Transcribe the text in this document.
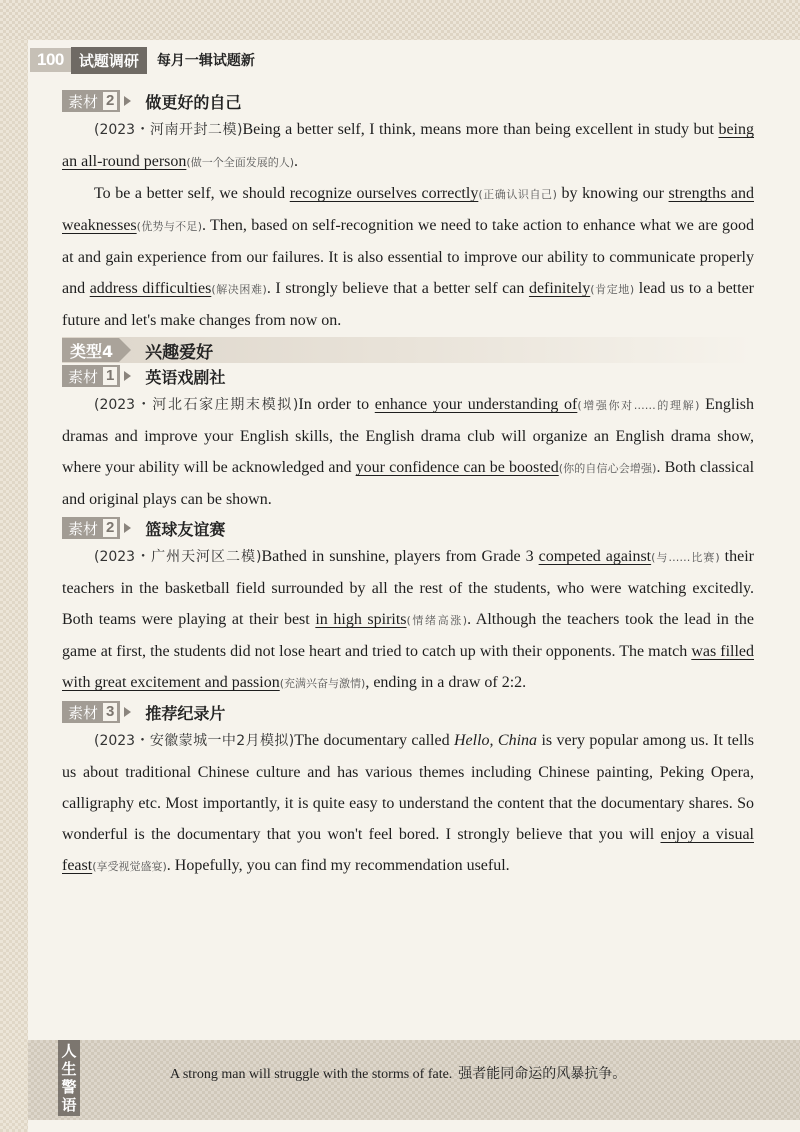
100	试题调研	每月一辑试题新
素材 2 做更好的自己

(2023・河南开封二模)Being a better self, I think, means more than being excellent in study but being an all-round person(做一个全面发展的人).

To be a better self, we should recognize ourselves correctly(正确认识自己) by knowing our strengths and weaknesses(优势与不足). Then, based on self-recognition we need to take action to enhance what we are good at and gain experience from our failures. It is also essential to improve our ability to communicate properly and address difficulties(解决困难). I strongly believe that a better self can definitely(肯定地) lead us to a better future and let's make changes from now on.

类型4	兴趣爱好
素材 1 英语戏剧社

(2023・河北石家庄期末模拟)In order to enhance your understanding of(增强你对……的理解) English dramas and improve your English skills, the English drama club will organize an English drama show, where your ability will be acknowledged and your confidence can be boosted(你的自信心会增强). Both classical and original plays can be shown.

素材 2 篮球友谊赛

(2023・广州天河区二模)Bathed in sunshine, players from Grade 3 competed against(与……比赛) their teachers in the basketball field surrounded by all the rest of the students, who were watching excitedly. Both teams were playing at their best in high spirits(情绪高涨). Although the teachers took the lead in the game at first, the students did not lose heart and tried to catch up with their opponents. The match was filled with great excitement and passion(充满兴奋与激情), ending in a draw of 2:2.

素材 3 推荐纪录片

(2023・安徽蒙城一中2月模拟)The documentary called Hello, China is very popular among us. It tells us about traditional Chinese culture and has various themes including Chinese painting, Peking Opera, calligraphy etc. Most importantly, it is quite easy to understand the content that the documentary shares. So wonderful is the documentary that you won't feel bored. I strongly believe that you will enjoy a visual feast(享受视觉盛宴). Hopefully, you can find my recommendation useful.

人
生
警
语
A strong man will struggle with the storms of fate. 强者能同命运的风暴抗争。
